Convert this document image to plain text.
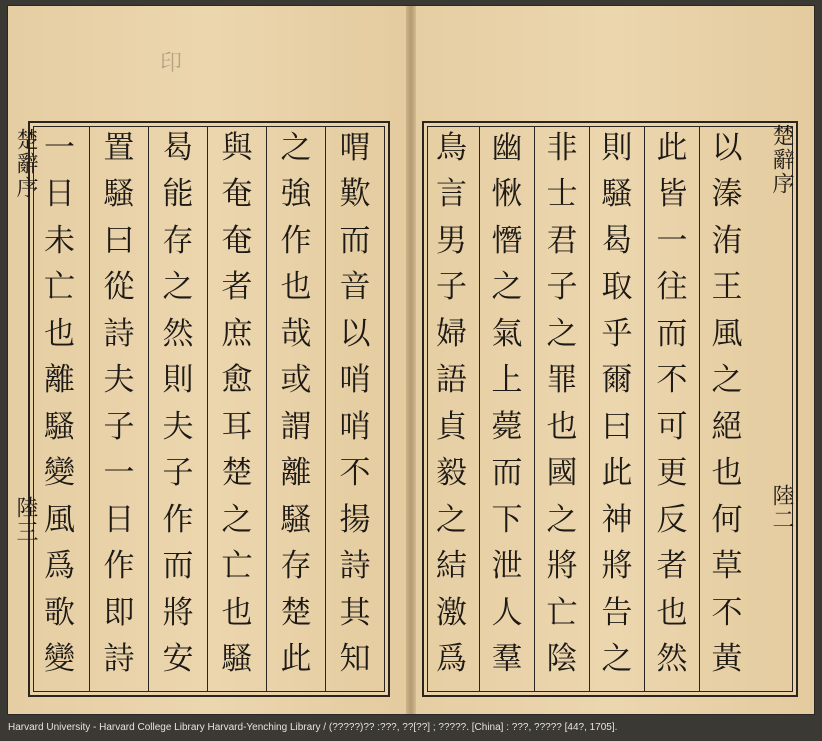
印
喟
歎
而
音
以
哨
哨
不
揚
詩
其
知
之
強
作
也
哉
或
謂
離
騷
存
楚
此
與
奄
奄
者
庶
愈
耳
楚
之
亡
也
騷
曷
能
存
之
然
則
夫
子
作
而
將
安
置
騷
曰
從
詩
夫
子
一
日
作
即
詩
一
日
未
亡
也
離
騷
變
風
爲
歌
變
楚辭序
陸三
以
溱
洧
王
風
之
絕
也
何
草
不
黃
此
皆
一
往
而
不
可
更
反
者
也
然
則
騷
曷
取
乎
爾
曰
此
神
將
告
之
非
士
君
子
之
罪
也
國
之
將
亡
陰
幽
愀
憯
之
氣
上
薨
而
下
泄
人
羣
鳥
言
男
子
婦
語
貞
毅
之
結
激
爲
楚辭序
陸二
Harvard University - Harvard College Library Harvard-Yenching Library / (?????)?? :???, ??[??] ; ?????. [China] : ???, ????? [44?, 1705].
